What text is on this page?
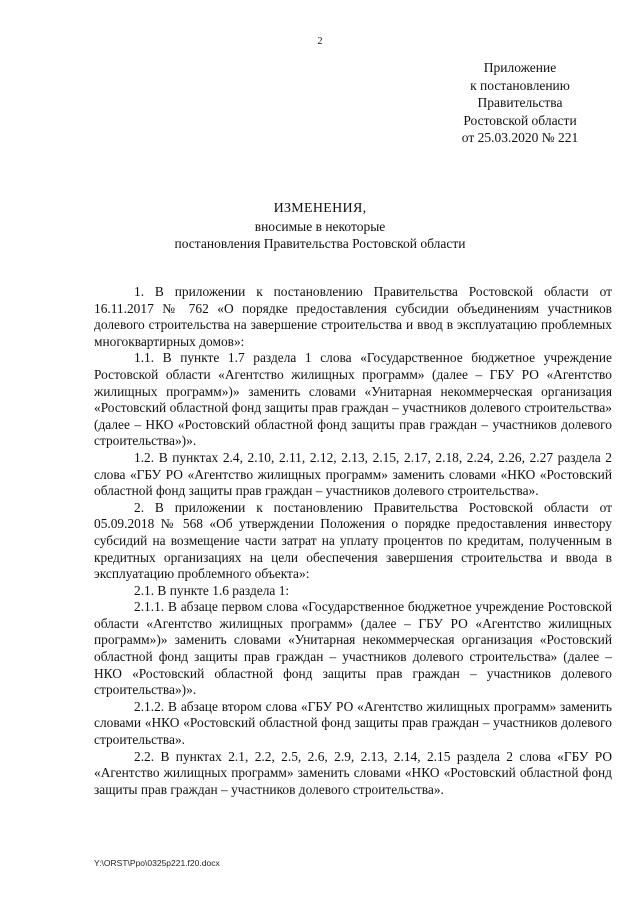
2
Приложение
к постановлению
Правительства
Ростовской области
от 25.03.2020 № 221
ИЗМЕНЕНИЯ,
вносимые в некоторые
постановления Правительства Ростовской области

1. В приложении к постановлению Правительства Ростовской области от 16.11.2017 № 762 «О порядке предоставления субсидии объединениям участников долевого строительства на завершение строительства и ввод в эксплуатацию проблемных многоквартирных домов»:

1.1. В пункте 1.7 раздела 1 слова «Государственное бюджетное учреждение Ростовской области «Агентство жилищных программ» (далее – ГБУ РО «Агентство жилищных программ»)» заменить словами «Унитарная некоммерческая организация «Ростовский областной фонд защиты прав граждан – участников долевого строительства» (далее – НКО «Ростовский областной фонд защиты прав граждан – участников долевого строительства»)».

1.2. В пунктах 2.4, 2.10, 2.11, 2.12, 2.13, 2.15, 2.17, 2.18, 2.24, 2.26, 2.27 раздела 2 слова «ГБУ РО «Агентство жилищных программ» заменить словами «НКО «Ростовский областной фонд защиты прав граждан – участников долевого строительства».

2. В приложении к постановлению Правительства Ростовской области от 05.09.2018 № 568 «Об утверждении Положения о порядке предоставления инвестору субсидий на возмещение части затрат на уплату процентов по кредитам, полученным в кредитных организациях на цели обеспечения завершения строительства и ввода в эксплуатацию проблемного объекта»:

2.1. В пункте 1.6 раздела 1:

2.1.1. В абзаце первом слова «Государственное бюджетное учреждение Ростовской области «Агентство жилищных программ» (далее – ГБУ РО «Агентство жилищных программ»)» заменить словами «Унитарная некоммерческая организация «Ростовский областной фонд защиты прав граждан – участников долевого строительства» (далее – НКО «Ростовский областной фонд защиты прав граждан – участников долевого строительства»)».

2.1.2. В абзаце втором слова «ГБУ РО «Агентство жилищных программ» заменить словами «НКО «Ростовский областной фонд защиты прав граждан – участников долевого строительства».

2.2. В пунктах 2.1, 2.2, 2.5, 2.6, 2.9, 2.13, 2.14, 2.15 раздела 2 слова «ГБУ РО «Агентство жилищных программ» заменить словами «НКО «Ростовский областной фонд защиты прав граждан – участников долевого строительства».

Y:\ORST\Ppo\0325p221.f20.docx
